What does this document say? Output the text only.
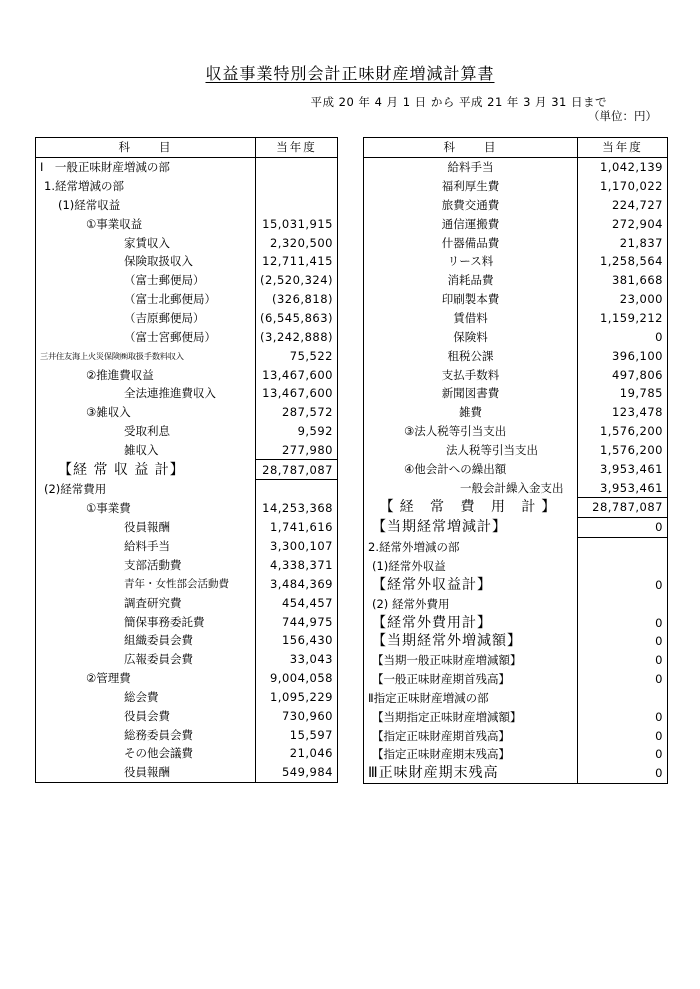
収益事業特別会計正味財産増減計算書
平成 20 年 4 月 1 日 から 平成 21 年 3 月 31 日まで
（単位：円）
科　　目	当年度
Ⅰ　一般正味財産増減の部	
1.経常増減の部	
(1)経常収益	
①事業収益	15,031,915
家賃収入	2,320,500
保険取扱収入	12,711,415
（富士郵便局）	(2,520,324)
（富士北郵便局）	(326,818)
（吉原郵便局）	(6,545,863)
（富士宮郵便局）	(3,242,888)
三井住友海上火災保険㈱取扱手数料収入	75,522
②推進費収益	13,467,600
全法連推進費収入	13,467,600
③雑収入	287,572
受取利息	9,592
雑収入	277,980
【経 常 収 益 計】	28,787,087
(2)経常費用	
①事業費	14,253,368
役員報酬	1,741,616
給料手当	3,300,107
支部活動費	4,338,371
青年・女性部会活動費	3,484,369
調査研究費	454,457
簡保事務委託費	744,975
組織委員会費	156,430
広報委員会費	33,043
②管理費	9,004,058
総会費	1,095,229
役員会費	730,960
総務委員会費	15,597
その他会議費	21,046
役員報酬	549,984
科　　目	当年度
給料手当	1,042,139
福利厚生費	1,170,022
旅費交通費	224,727
通信運搬費	272,904
什器備品費	21,837
リース料	1,258,564
消耗品費	381,668
印刷製本費	23,000
賃借料	1,159,212
保険料	0
租税公課	396,100
支払手数料	497,806
新聞図書費	19,785
雑費	123,478
③法人税等引当支出	1,576,200
法人税等引当支出	1,576,200
④他会計への繰出額	3,953,461
一般会計繰入金支出	3,953,461
【経 常 費 用 計】	28,787,087
【当期経常増減計】	0
2.経常外増減の部	
(1)経常外収益	
【経常外収益計】	0
(2) 経常外費用	
【経常外費用計】	0
【当期経常外増減額】	0
【当期一般正味財産増減額】	0
【一般正味財産期首残高】	0
Ⅱ指定正味財産増減の部	
【当期指定正味財産増減額】	0
【指定正味財産期首残高】	0
【指定正味財産期末残高】	0
Ⅲ正味財産期末残高	0
